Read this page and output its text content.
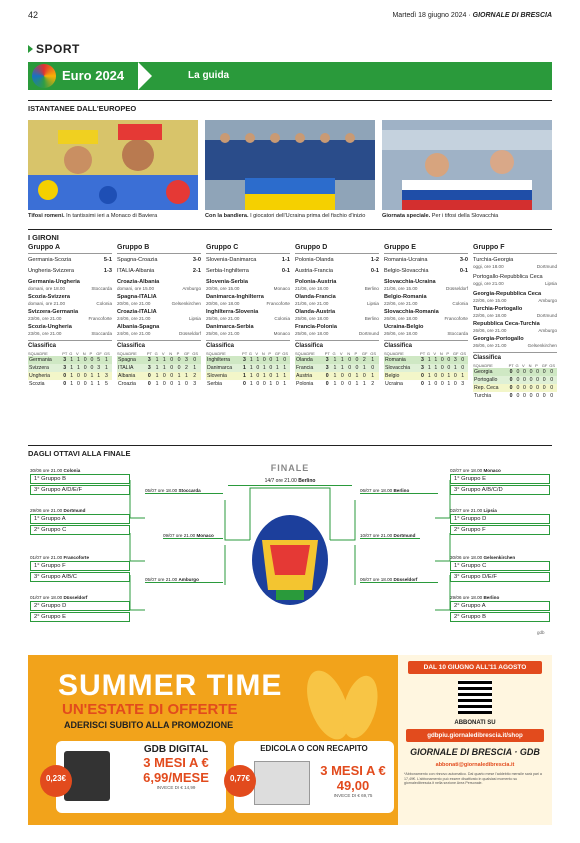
42	Martedì 18 giugno 2024 · GIORNALE DI BRESCIA
SPORT
Euro 2024	La guida
ISTANTANEE DALL'EUROPEO
Tifosi romeni. In tantissimi ieri a Monaco di Baviera	Con la bandiera. I giocatori dell'Ucraina prima del fischio d'inizio	Giornata speciale. Per i tifosi della Slovacchia
I GIRONI
Gruppo A
Germania-Scozia	5-1
Ungheria-Svizzera	1-3
Germania-Ungheria
domani, ore 18.00	Stoccarda
Scozia-Svizzera
domani, ore 21.00	Colonia
Svizzera-Germania
23/06, ore 21.00	Francoforte
Scozia-Ungheria
23/06, ore 21.00	Stoccarda
Classifica
SQUADRE	PT	G	V	N	P	GF	GS
Germania	3	1	1	0	0	5	1
Svizzera	3	1	1	0	0	3	1
Ungheria	0	1	0	0	1	1	3
Scozia	0	1	0	0	1	1	5
Gruppo B
Spagna-Croazia	3-0
ITALIA-Albania	2-1
Croazia-Albania
domani, ore 15.00	Amburgo
Spagna-ITALIA
20/06, ore 21.00	Gelsenkirchen
Croazia-ITALIA
24/06, ore 21.00	Lipsia
Albania-Spagna
24/06, ore 21.00	Düsseldorf
Classifica
SQUADRE	PT	G	V	N	P	GF	GS
Spagna	3	1	1	0	0	3	0
ITALIA	3	1	1	0	0	2	1
Albania	0	1	0	0	1	1	2
Croazia	0	1	0	0	1	0	3
Gruppo C
Slovenia-Danimarca	1-1
Serbia-Inghilterra	0-1
Slovenia-Serbia
20/06, ore 15.00	Monaco
Danimarca-Inghilterra
20/06, ore 18.00	Francoforte
Inghilterra-Slovenia
25/06, ore 21.00	Colonia
Danimarca-Serbia
25/06, ore 21.00	Monaco
Classifica
SQUADRE	PT	G	V	N	P	GF	GS
Inghilterra	3	1	1	0	0	1	0
Danimarca	1	1	0	1	0	1	1
Slovenia	1	1	0	1	0	1	1
Serbia	0	1	0	0	1	0	1
Gruppo D
Polonia-Olanda	1-2
Austria-Francia	0-1
Polonia-Austria
21/06, ore 18.00	Berlino
Olanda-Francia
21/06, ore 21.00	Lipsia
Olanda-Austria
25/06, ore 18.00	Berlino
Francia-Polonia
25/06, ore 18.00	Dortmund
Classifica
SQUADRE	PT	G	V	N	P	GF	GS
Olanda	3	1	1	0	0	2	1
Francia	3	1	1	0	0	1	0
Austria	0	1	0	0	1	0	1
Polonia	0	1	0	0	1	1	2
Gruppo E
Romania-Ucraina	3-0
Belgio-Slovacchia	0-1
Slovacchia-Ucraina
21/06, ore 15.00	Düsseldorf
Belgio-Romania
22/06, ore 21.00	Colonia
Slovacchia-Romania
26/06, ore 18.00	Francoforte
Ucraina-Belgio
26/06, ore 18.00	Stoccarda
Classifica
SQUADRE	PT	G	V	N	P	GF	GS
Romania	3	1	1	0	0	3	0
Slovacchia	3	1	1	0	0	1	0
Belgio	0	1	0	0	1	0	1
Ucraina	0	1	0	0	1	0	3
Gruppo F
Turchia-Georgia
oggi, ore 18.00	Dortmund
Portogallo-Repubblica Ceca
oggi, ore 21.00	Lipsia
Georgia-Repubblica Ceca
22/06, ore 15.00	Amburgo
Turchia-Portogallo
22/06, ore 18.00	Dortmund
Repubblica Ceca-Turchia
26/06, ore 21.00	Amburgo
Georgia-Portogallo
26/06, ore 21.00	Gelsenkirchen
Classifica
SQUADRE	PT	G	V	N	P	GF	GS
Georgia	0	0	0	0	0	0	0
Portogallo	0	0	0	0	0	0	0
Rep. Ceca	0	0	0	0	0	0	0
Turchia	0	0	0	0	0	0	0
DAGLI OTTAVI ALLA FINALE
FINALE
14/7 ore 21.00 Berlino
30/06 ore 21.00 Colonia
1° Gruppo B
3° Gruppo A/D/E/F
29/06 ore 21.00 Dortmund
1° Gruppo A
2° Gruppo C
01/07 ore 21.00 Francoforte
1° Gruppo F
3° Gruppo A/B/C
01/07 ore 18.00 Düsseldorf
2° Gruppo D
2° Gruppo E
02/07 ore 18.00 Monaco
1° Gruppo E
3° Gruppo A/B/C/D
02/07 ore 21.00 Lipsia
1° Gruppo D
2° Gruppo F
30/06 ore 18.00 Gelsenkirchen
1° Gruppo C
3° Gruppo D/E/F
29/06 ore 18.00 Berlino
2° Gruppo A
2° Gruppo B
05/07 ore 18.00 Stoccarda
05/07 ore 21.00 Amburgo
06/07 ore 18.00 Berlino
06/07 ore 18.00 Düsseldorf
09/07 ore 21.00 Monaco	10/07 ore 21.00 Dortmund
gdb
SUMMER TIME
UN'ESTATE DI OFFERTE
ADERISCI SUBITO ALLA PROMOZIONE
GDB DIGITAL
3 MESI A € 6,99/MESE
INVECE DI € 14,99
0,23€
EDICOLA O CON RECAPITO
3 MESI A € 49,00
INVECE DI € 69,75
0,77€
DAL 10 GIUGNO ALL'11 AGOSTO
ABBONATI SU
gdbpiu.giornaledibrescia.it/shop
GIORNALE DI BRESCIA · GDB
abbonati@giornaledibrescia.it
*Abbonamento con rinnovo automatico. Dal quarto mese l'addebito mensile sarà pari a 17,49€. L'abbonamento può essere disattivato in qualsiasi momento su giornaledibrescia.it nella sezione Area Personale.
